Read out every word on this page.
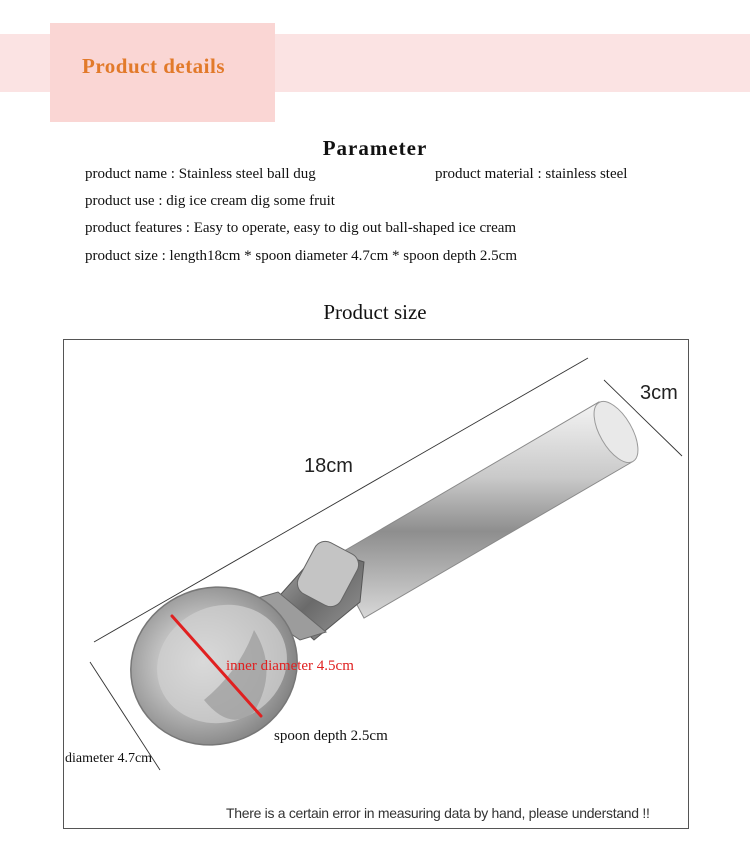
Product details
Parameter
product name : Stainless steel ball dug	product material : stainless steel
product use : dig ice cream dig some fruit
product features : Easy to operate, easy to dig out ball-shaped ice cream
product size : length18cm * spoon diameter 4.7cm * spoon depth 2.5cm
Product size
18cm
3cm
inner diameter 4.5cm
spoon depth 2.5cm
diameter 4.7cm
There is a certain error in measuring data by hand, please understand !!
